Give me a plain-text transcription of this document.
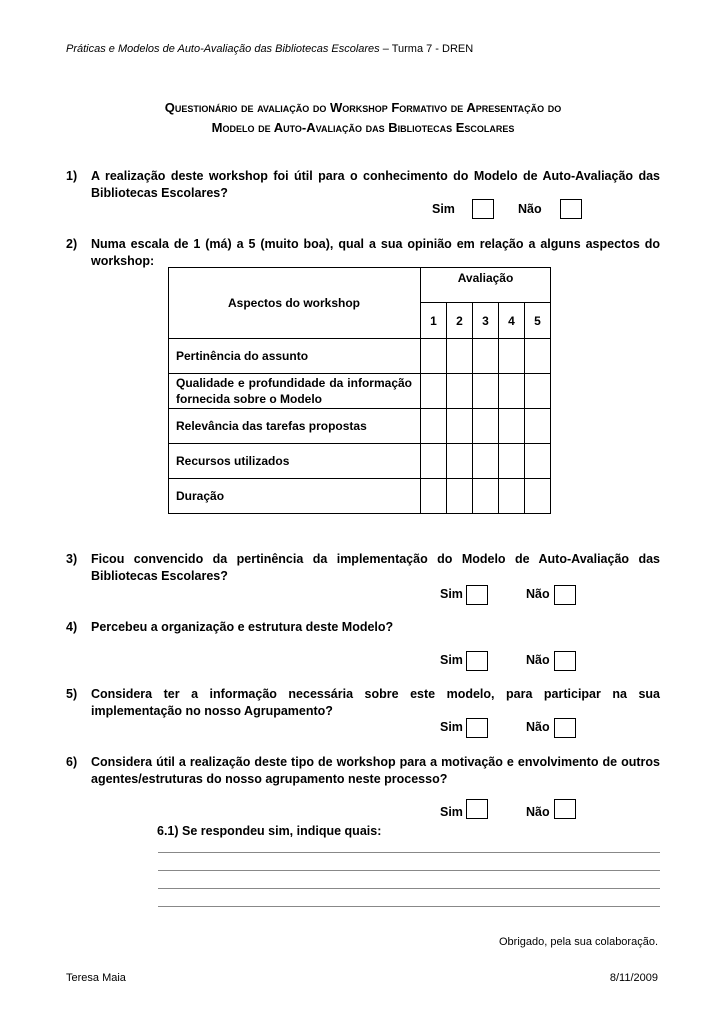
Práticas e Modelos de Auto-Avaliação das Bibliotecas Escolares – Turma 7 - DREN
Questionário de avaliação do Workshop Formativo de Apresentação do
Modelo de Auto-Avaliação das Bibliotecas Escolares
1) A realização deste workshop foi útil para o conhecimento do Modelo de Auto-Avaliação das Bibliotecas Escolares?
Sim	Não
2) Numa escala de 1 (má) a 5 (muito boa), qual a sua opinião em relação a alguns aspectos do workshop:
Aspectos do workshop	Avaliação				
	1	2	3	4	5
Pertinência do assunto					
Qualidade e profundidade da informação fornecida sobre o Modelo					
Relevância das tarefas propostas					
Recursos utilizados					
Duração					
3) Ficou convencido da pertinência da implementação do Modelo de Auto-Avaliação das Bibliotecas Escolares?
Sim	Não
4) Percebeu a organização e estrutura deste Modelo?
Sim	Não
5) Considera ter a informação necessária sobre este modelo, para participar na sua implementação no nosso Agrupamento?
Sim	Não
6) Considera útil a realização deste tipo de workshop para a motivação e envolvimento de outros agentes/estruturas do nosso agrupamento neste processo?
Sim	Não
6.1) Se respondeu sim, indique quais:
Obrigado, pela sua colaboração.
Teresa Maia	8/11/2009
